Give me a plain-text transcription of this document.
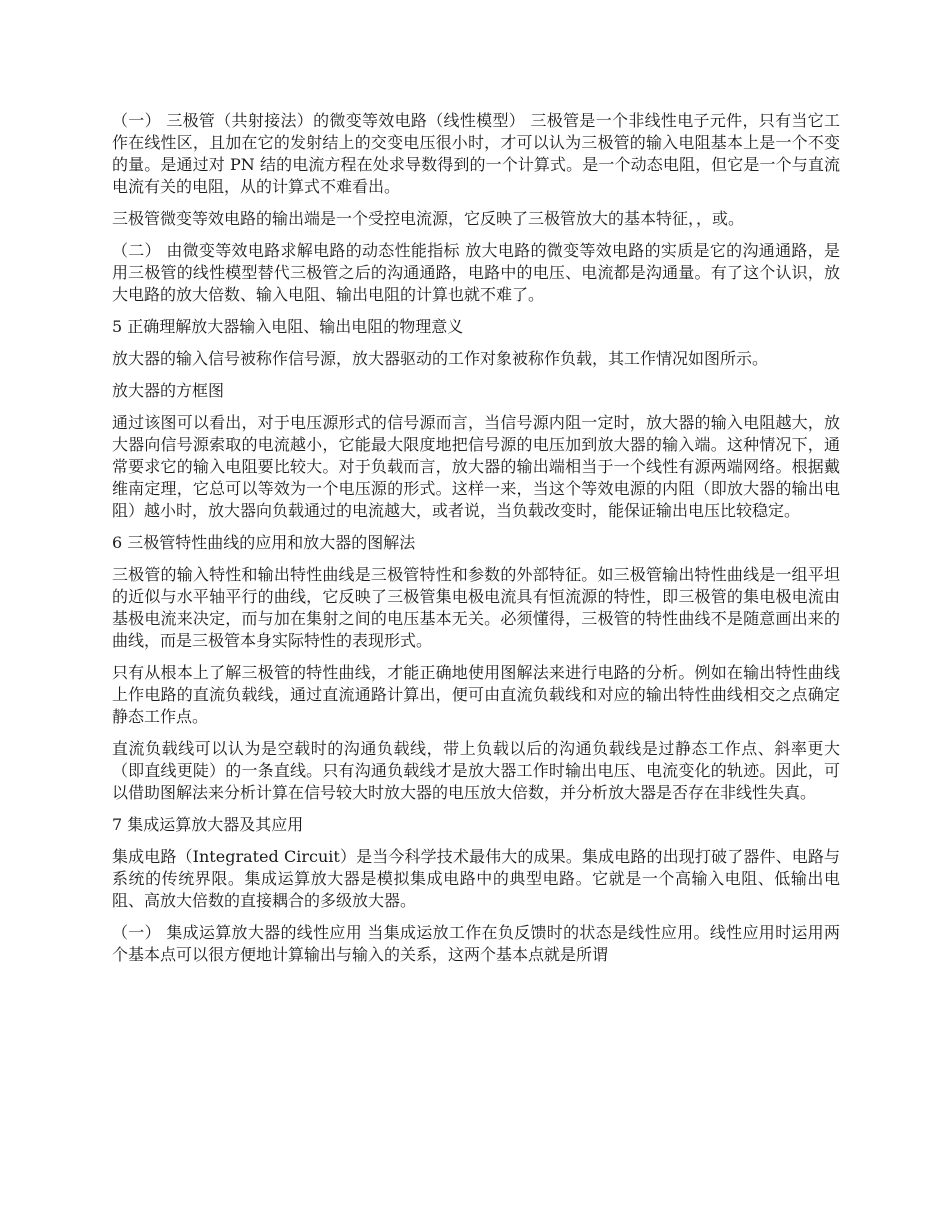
（一） 三极管（共射接法）的微变等效电路（线性模型） 三极管是一个非线性电子元件，只有当它工作在线性区，且加在它的发射结上的交变电压很小时，才可以认为三极管的输入电阻基本上是一个不变的量。是通过对 PN 结的电流方程在处求导数得到的一个计算式。是一个动态电阻，但它是一个与直流电流有关的电阻，从的计算式不难看出。

三极管微变等效电路的输出端是一个受控电流源，它反映了三极管放大的基本特征，，或。

（二） 由微变等效电路求解电路的动态性能指标 放大电路的微变等效电路的实质是它的沟通通路，是用三极管的线性模型替代三极管之后的沟通通路，电路中的电压、电流都是沟通量。有了这个认识，放大电路的放大倍数、输入电阻、输出电阻的计算也就不难了。

5 正确理解放大器输入电阻、输出电阻的物理意义

放大器的输入信号被称作信号源，放大器驱动的工作对象被称作负载，其工作情况如图所示。

放大器的方框图

通过该图可以看出，对于电压源形式的信号源而言，当信号源内阻一定时，放大器的输入电阻越大，放大器向信号源索取的电流越小，它能最大限度地把信号源的电压加到放大器的输入端。这种情况下，通常要求它的输入电阻要比较大。对于负载而言，放大器的输出端相当于一个线性有源两端网络。根据戴维南定理，它总可以等效为一个电压源的形式。这样一来，当这个等效电源的内阻（即放大器的输出电阻）越小时，放大器向负载通过的电流越大，或者说，当负载改变时，能保证输出电压比较稳定。

6 三极管特性曲线的应用和放大器的图解法

三极管的输入特性和输出特性曲线是三极管特性和参数的外部特征。如三极管输出特性曲线是一组平坦的近似与水平轴平行的曲线，它反映了三极管集电极电流具有恒流源的特性，即三极管的集电极电流由基极电流来决定，而与加在集射之间的电压基本无关。必须懂得，三极管的特性曲线不是随意画出来的曲线，而是三极管本身实际特性的表现形式。

只有从根本上了解三极管的特性曲线，才能正确地使用图解法来进行电路的分析。例如在输出特性曲线上作电路的直流负载线，通过直流通路计算出，便可由直流负载线和对应的输出特性曲线相交之点确定静态工作点。

直流负载线可以认为是空载时的沟通负载线，带上负载以后的沟通负载线是过静态工作点、斜率更大（即直线更陡）的一条直线。只有沟通负载线才是放大器工作时输出电压、电流变化的轨迹。因此，可以借助图解法来分析计算在信号较大时放大器的电压放大倍数，并分析放大器是否存在非线性失真。

7 集成运算放大器及其应用

集成电路（Integrated Circuit）是当今科学技术最伟大的成果。集成电路的出现打破了器件、电路与系统的传统界限。集成运算放大器是模拟集成电路中的典型电路。它就是一个高输入电阻、低输出电阻、高放大倍数的直接耦合的多级放大器。

（一） 集成运算放大器的线性应用 当集成运放工作在负反馈时的状态是线性应用。线性应用时运用两个基本点可以很方便地计算输出与输入的关系，这两个基本点就是所谓
